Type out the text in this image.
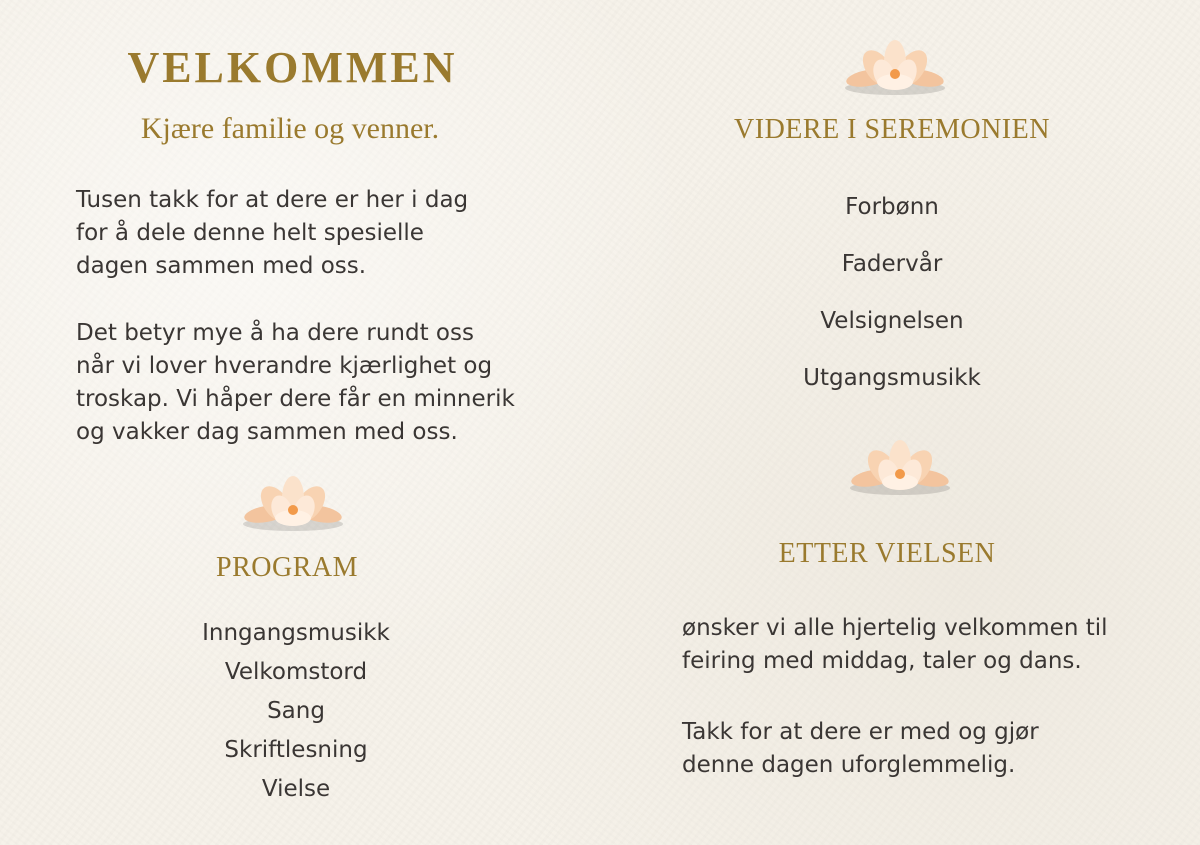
VELKOMMEN
Kjære familie og venner.
Tusen takk for at dere er her i dag
for å dele denne helt spesielle
dagen sammen med oss.
Det betyr mye å ha dere rundt oss
når vi lover hverandre kjærlighet og
troskap. Vi håper dere får en minnerik
og vakker dag sammen med oss.
PROGRAM
Inngangsmusikk
Velkomstord
Sang
Skriftlesning
Vielse
VIDERE I SEREMONIEN
Forbønn
Fadervår
Velsignelsen
Utgangsmusikk
ETTER VIELSEN
ønsker vi alle hjertelig velkommen til
feiring med middag, taler og dans.
Takk for at dere er med og gjør
denne dagen uforglemmelig.
